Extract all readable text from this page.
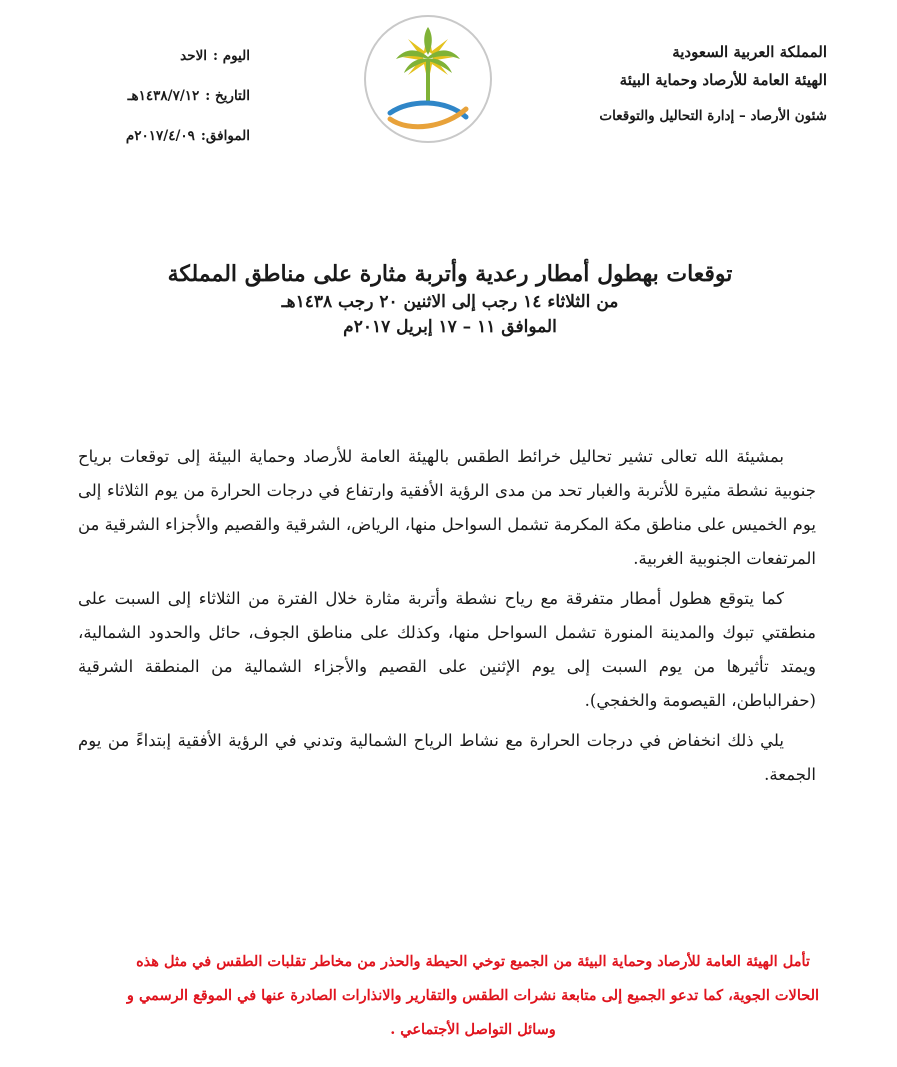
المملكة العربية السعودية
الهيئة العامة للأرصاد وحماية البيئة
شئون الأرصاد – إدارة التحاليل والتوقعات
اليوم :الاحد
التاريخ :١٤٣٨/٧/١٢هـ
الموافق:٢٠١٧/٤/٠٩م
توقعات بهطول أمطار رعدية وأتربة مثارة على مناطق المملكة
من الثلاثاء ١٤ رجب إلى الاثنين ٢٠ رجب ١٤٣٨هـ
الموافق ١١ – ١٧ إبريل ٢٠١٧م

بمشيئة الله تعالى تشير تحاليل خرائط الطقس بالهيئة العامة للأرصاد وحماية البيئة إلى توقعات برياح جنوبية نشطة مثيرة للأتربة والغبار تحد من مدى الرؤية الأفقية وارتفاع في درجات الحرارة من يوم الثلاثاء إلى يوم الخميس على مناطق مكة المكرمة تشمل السواحل منها، الرياض، الشرقية والقصيم والأجزاء الشرقية من المرتفعات الجنوبية الغربية.

كما يتوقع هطول أمطار متفرقة مع رياح نشطة وأتربة مثارة خلال الفترة من الثلاثاء إلى السبت على منطقتي تبوك والمدينة المنورة تشمل السواحل منها، وكذلك على مناطق الجوف، حائل والحدود الشمالية، ويمتد تأثيرها من يوم السبت إلى يوم الإثنين على القصيم والأجزاء الشمالية من المنطقة الشرقية (حفرالباطن، القيصومة والخفجي).

يلي ذلك انخفاض في درجات الحرارة مع نشاط الرياح الشمالية وتدني في الرؤية الأفقية إبتداءً من يوم الجمعة.

تأمل الهيئة العامة للأرصاد وحماية البيئة من الجميع توخي الحيطة والحذر من مخاطر تقلبات الطقس في مثل هذه الحالات الجوية، كما تدعو الجميع إلى متابعة نشرات الطقس والتقارير والانذارات الصادرة عنها في الموقع الرسمي و وسائل التواصل الأجتماعي .
